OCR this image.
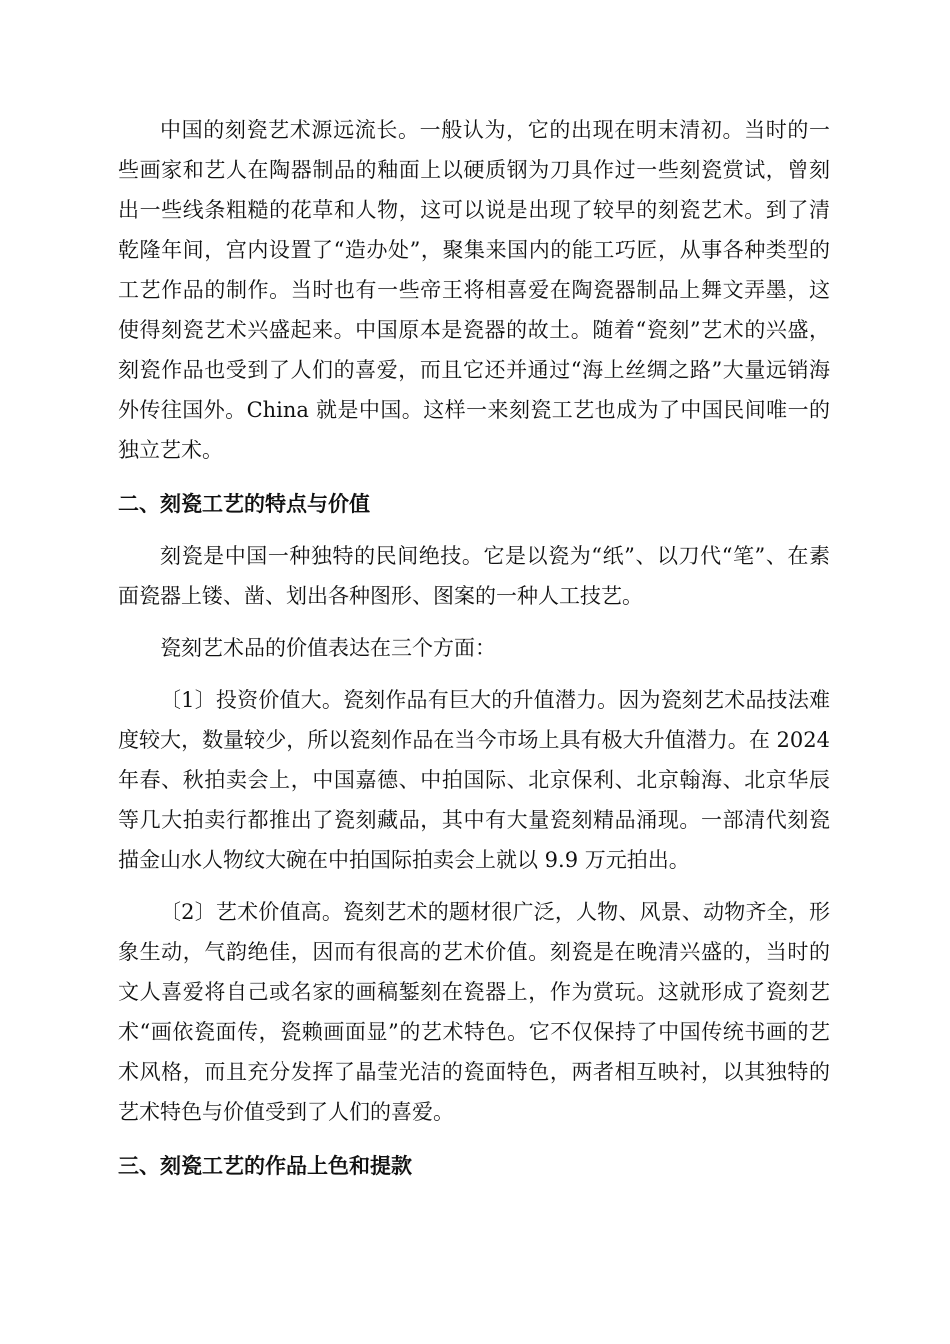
中国的刻瓷艺术源远流长。一般认为，它的出现在明末清初。当时的一些画家和艺人在陶器制品的釉面上以硬质钢为刀具作过一些刻瓷赏试，曾刻出一些线条粗糙的花草和人物，这可以说是出现了较早的刻瓷艺术。到了清乾隆年间，宫内设置了“造办处”，聚集来国内的能工巧匠，从事各种类型的工艺作品的制作。当时也有一些帝王将相喜爱在陶瓷器制品上舞文弄墨，这使得刻瓷艺术兴盛起来。中国原本是瓷器的故土。随着“瓷刻”艺术的兴盛，刻瓷作品也受到了人们的喜爱，而且它还并通过“海上丝绸之路”大量远销海外传往国外。China 就是中国。这样一来刻瓷工艺也成为了中国民间唯一的独立艺术。

二、刻瓷工艺的特点与价值

刻瓷是中国一种独特的民间绝技。它是以瓷为“纸”、以刀代“笔”、在素面瓷器上镂、凿、划出各种图形、图案的一种人工技艺。

瓷刻艺术品的价值表达在三个方面：

〔1〕投资价值大。瓷刻作品有巨大的升值潜力。因为瓷刻艺术品技法难度较大，数量较少，所以瓷刻作品在当今市场上具有极大升值潜力。在 2024 年春、秋拍卖会上，中国嘉德、中拍国际、北京保利、北京翰海、北京华辰等几大拍卖行都推出了瓷刻藏品，其中有大量瓷刻精品涌现。一部清代刻瓷描金山水人物纹大碗在中拍国际拍卖会上就以 9.9 万元拍出。

〔2〕艺术价值高。瓷刻艺术的题材很广泛，人物、风景、动物齐全，形象生动，气韵绝佳，因而有很高的艺术价值。刻瓷是在晚清兴盛的，当时的文人喜爱将自己或名家的画稿錾刻在瓷器上，作为赏玩。这就形成了瓷刻艺术“画依瓷面传，瓷赖画面显”的艺术特色。它不仅保持了中国传统书画的艺术风格，而且充分发挥了晶莹光洁的瓷面特色，两者相互映衬，以其独特的艺术特色与价值受到了人们的喜爱。

三、刻瓷工艺的作品上色和提款
